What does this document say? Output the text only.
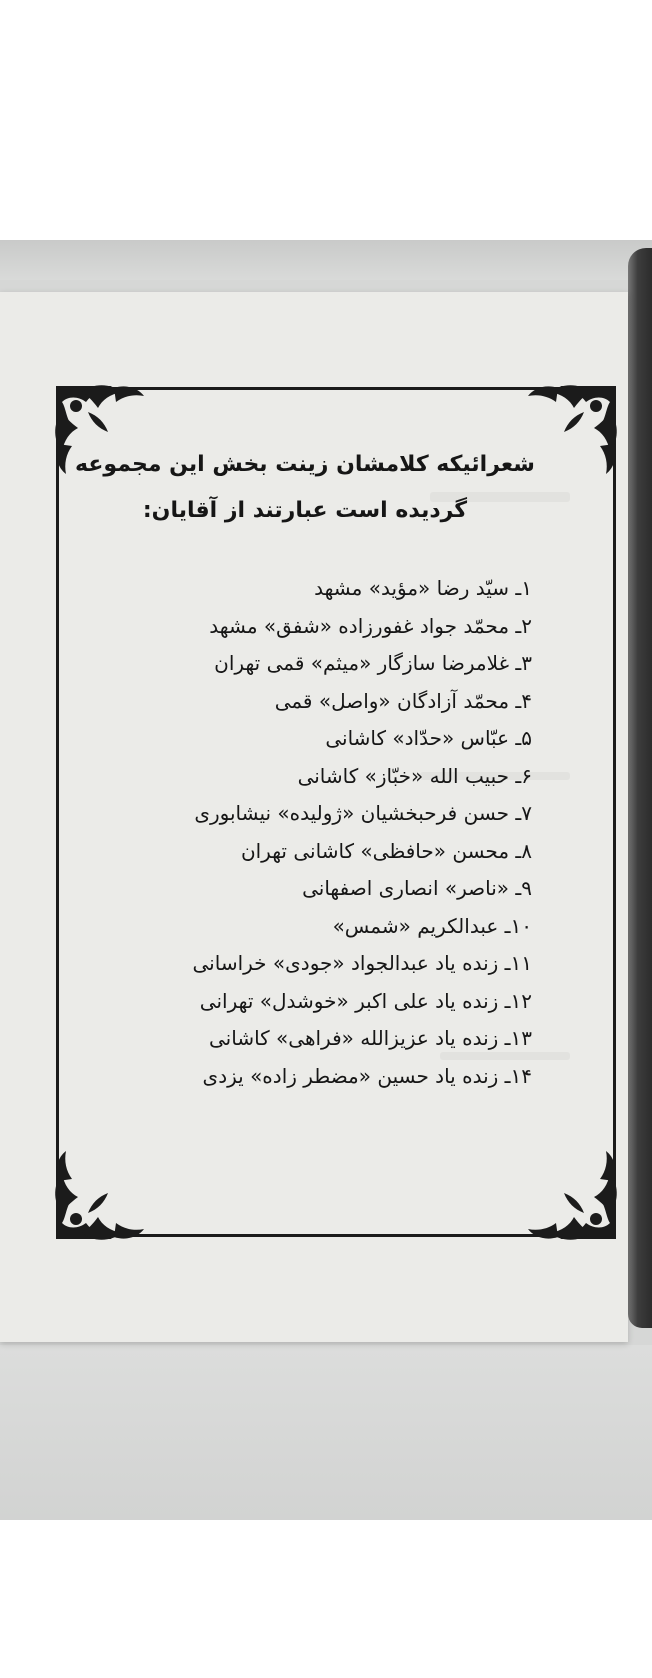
شعرائیکه کلامشان زینت بخش این مجموعه
گردیده است عبارتند از آقایان:
۱ـ سیّد رضا «مؤید» مشهد
۲ـ محمّد جواد غفورزاده «شفق» مشهد
۳ـ غلامرضا سازگار «میثم» قمی تهران
۴ـ محمّد آزادگان «واصل» قمی
۵ـ عبّاس «حدّاد» کاشانی
۶ـ حبیب الله «خبّاز» کاشانی
۷ـ حسن فرحبخشیان «ژولیده» نیشابوری
۸ـ محسن «حافظی» کاشانی تهران
۹ـ «ناصر» انصاری اصفهانی
۱۰ـ عبدالکریم «شمس»
۱۱ـ زنده یاد عبدالجواد «جودی» خراسانی
۱۲ـ زنده یاد علی اکبر «خوشدل» تهرانی
۱۳ـ زنده یاد عزیزالله «فراهی» کاشانی
۱۴ـ زنده یاد حسین «مضطر زاده» یزدی
